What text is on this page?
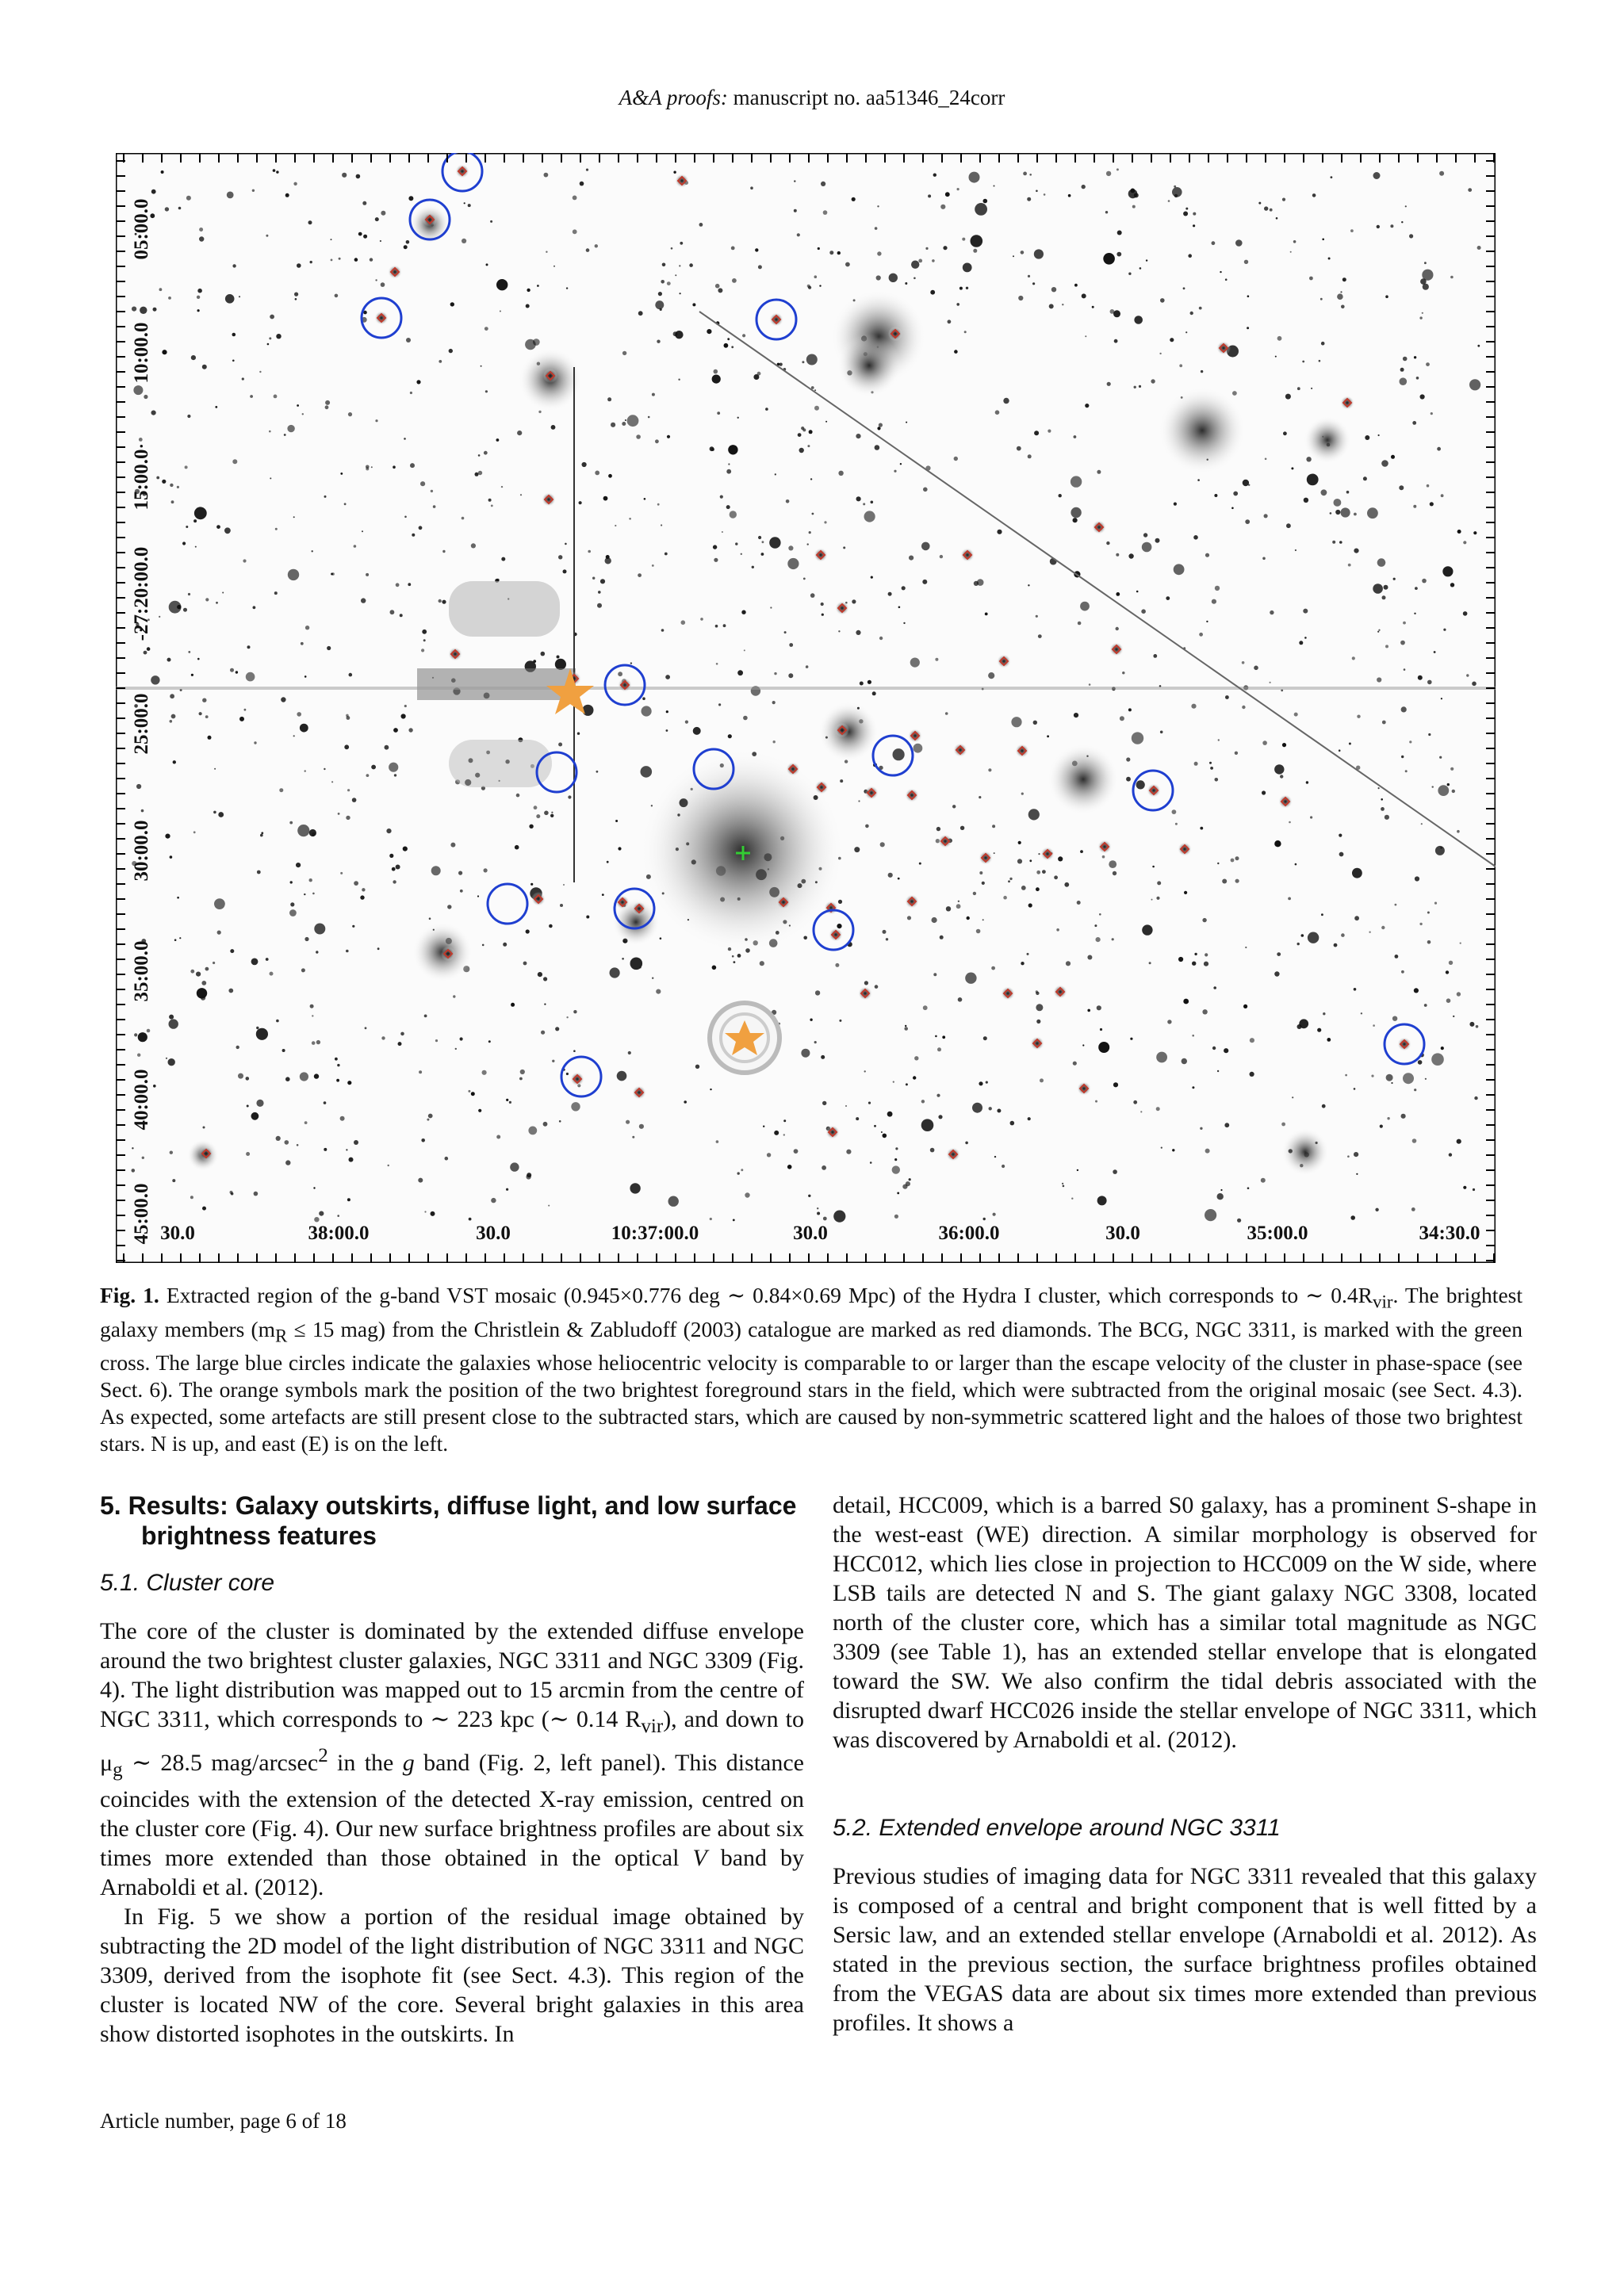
A&A proofs: manuscript no. aa51346_24corr
30.0	38:00.0	30.0	10:37:00.0	30.0	36:00.0	30.0	35:00.0	34:30.0
05:00.0
10:00.0
15:00.0
-27:20:00.0
25:00.0
30:00.0
35:00.0
40:00.0
45:00.0
Fig. 1. Extracted region of the g-band VST mosaic (0.945×0.776 deg ∼ 0.84×0.69 Mpc) of the Hydra I cluster, which corresponds to ∼ $0.4R_{vir}$. The brightest galaxy members ($m_R \le 15$ mag) from the Christlein & Zabludoff (2003) catalogue are marked as red diamonds. The BCG, NGC 3311, is marked with the green cross. The large blue circles indicate the galaxies whose heliocentric velocity is comparable to or larger than the escape velocity of the cluster in phase-space (see Sect. 6). The orange symbols mark the position of the two brightest foreground stars in the field, which were subtracted from the original mosaic (see Sect. 4.3). As expected, some artefacts are still present close to the subtracted stars, which are caused by non-symmetric scattered light and the haloes of those two brightest stars. N is up, and east (E) is on the left.
5. Results: Galaxy outskirts, diffuse light, and low surface brightness features
5.1. Cluster core

The core of the cluster is dominated by the extended diffuse envelope around the two brightest cluster galaxies, NGC 3311 and NGC 3309 (Fig. 4). The light distribution was mapped out to 15 arcmin from the centre of NGC 3311, which corresponds to ∼ 223 kpc (∼ 0.14 $R_{vir}$), and down to $\mu_g$ ∼ 28.5 mag/arcsec$^2$ in the g band (Fig. 2, left panel). This distance coincides with the extension of the detected X-ray emission, centred on the cluster core (Fig. 4). Our new surface brightness profiles are about six times more extended than those obtained in the optical V band by Arnaboldi et al. (2012).

In Fig. 5 we show a portion of the residual image obtained by subtracting the 2D model of the light distribution of NGC 3311 and NGC 3309, derived from the isophote fit (see Sect. 4.3). This region of the cluster is located NW of the core. Several bright galaxies in this area show distorted isophotes in the outskirts. In

detail, HCC009, which is a barred S0 galaxy, has a prominent S-shape in the west-east (WE) direction. A similar morphology is observed for HCC012, which lies close in projection to HCC009 on the W side, where LSB tails are detected N and S. The giant galaxy NGC 3308, located north of the cluster core, which has a similar total magnitude as NGC 3309 (see Table 1), has an extended stellar envelope that is elongated toward the SW. We also confirm the tidal debris associated with the disrupted dwarf HCC026 inside the stellar envelope of NGC 3311, which was discovered by Arnaboldi et al. (2012).

5.2. Extended envelope around NGC 3311

Previous studies of imaging data for NGC 3311 revealed that this galaxy is composed of a central and bright component that is well fitted by a Sersic law, and an extended stellar envelope (Arnaboldi et al. 2012). As stated in the previous section, the surface brightness profiles obtained from the VEGAS data are about six times more extended than previous profiles. It shows a

Article number, page 6 of 18
